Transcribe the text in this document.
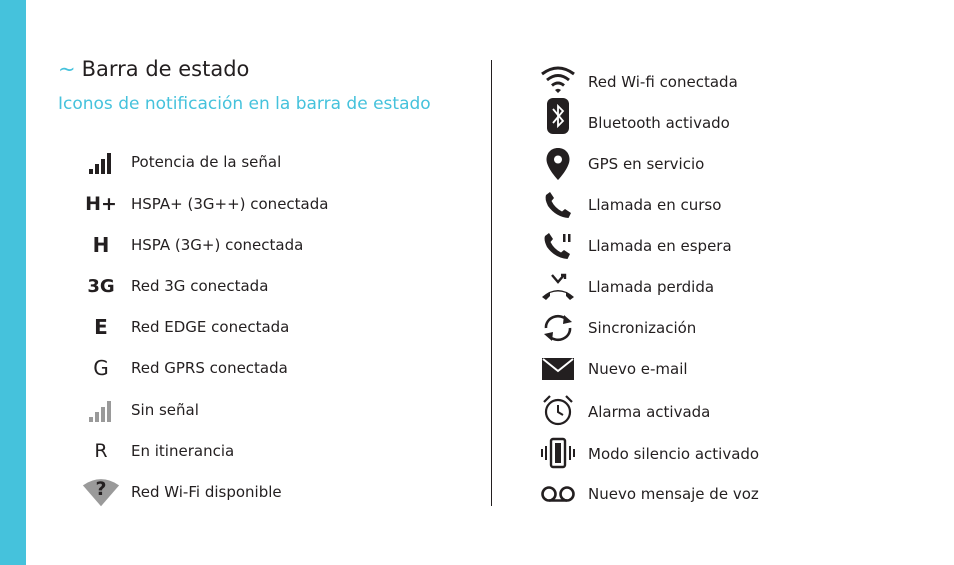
~ Barra de estado
Iconos de notificación en la barra de estado
Potencia de la señal
H+ HSPA+ (3G++) conectada
H HSPA (3G+) conectada
3G Red 3G conectada
E Red EDGE conectada
G Red GPRS conectada
Sin señal
R En itinerancia
?	Red Wi-Fi disponible
Red Wi-fi conectada
Bluetooth activado
GPS en servicio
Llamada en curso
Llamada en espera
Llamada perdida
Sincronización
Nuevo e-mail
Alarma activada
Modo silencio activado
Nuevo mensaje de voz
